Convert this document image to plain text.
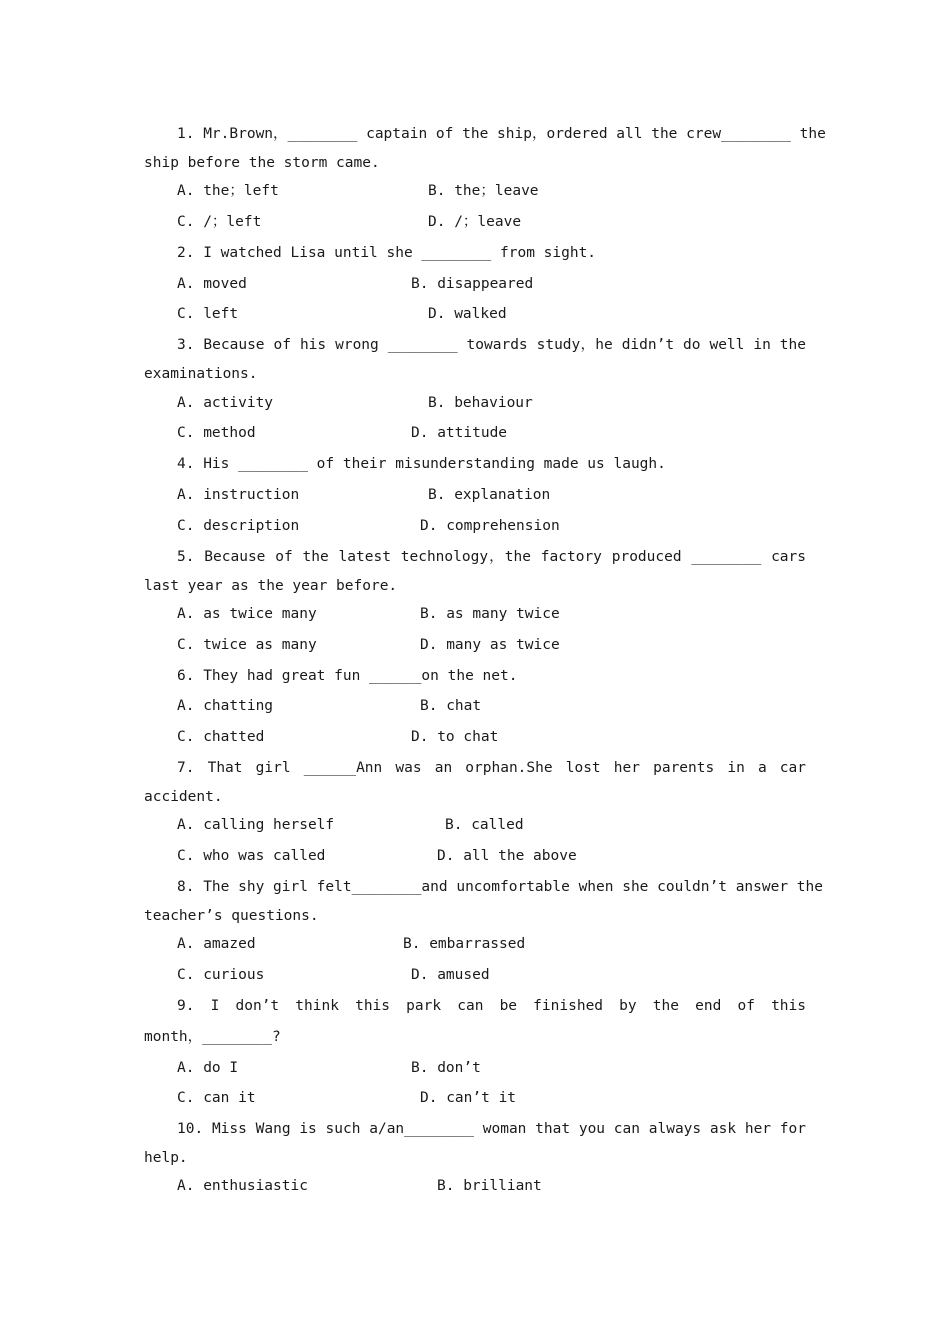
1. Mr.Brown，________ captain of the ship，ordered all the crew________ the
ship before the storm came.
A. the；left	B. the；leave
C. /；left	D. /；leave
2. I watched Lisa until she ________ from sight.
A. moved	B. disappeared
C. left	D. walked
3. Because of his wrong ________ towards study，he didn’t do well in the
examinations.
A. activity	B. behaviour
C. method	D. attitude
4. His ________ of their misunderstanding made us laugh.
A. instruction	B. explanation
C. description	D. comprehension
5. Because of the latest technology，the factory produced ________ cars
last year as the year before.
A. as twice many	B. as many twice
C. twice as many	D. many as twice
6. They had great fun ______on the net.
A. chatting	B. chat
C. chatted	D. to chat
7. That girl ______Ann was an orphan.She lost her parents in a car
accident.
A. calling herself	B. called
C. who was called	D. all the above
8. The shy girl felt________and uncomfortable when she couldn’t answer the
teacher’s questions.
A. amazed	B. embarrassed
C. curious	D. amused
9. I don’t think this park can be finished by the end of this
month，________?
A. do I	B. don’t
C. can it	D. can’t it
10. Miss Wang is such a/an________ woman that you can always ask her for
help.
A. enthusiastic	B. brilliant
